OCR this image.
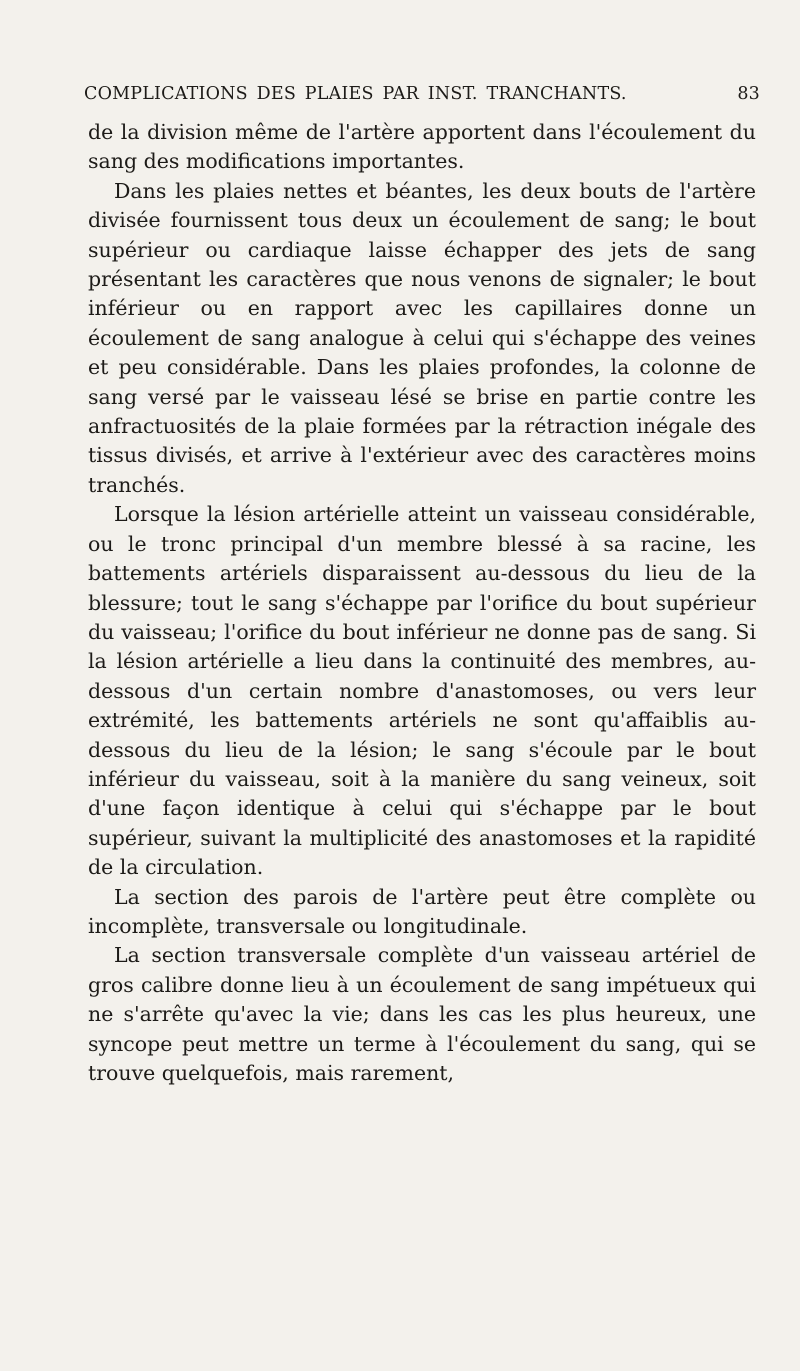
COMPLICATIONS DES PLAIES PAR INST. TRANCHANTS.	83

de la division même de l'artère apportent dans l'écoulement du sang des modifications importantes.

Dans les plaies nettes et béantes, les deux bouts de l'artère divisée fournissent tous deux un écoulement de sang; le bout supérieur ou cardiaque laisse échapper des jets de sang présentant les caractères que nous venons de signaler; le bout inférieur ou en rapport avec les capillaires donne un écoulement de sang analogue à celui qui s'échappe des veines et peu considérable. Dans les plaies profondes, la colonne de sang versé par le vaisseau lésé se brise en partie contre les anfractuosités de la plaie formées par la rétraction inégale des tissus divisés, et arrive à l'extérieur avec des caractères moins tranchés.

Lorsque la lésion artérielle atteint un vaisseau considérable, ou le tronc principal d'un membre blessé à sa racine, les battements artériels disparaissent au-dessous du lieu de la blessure; tout le sang s'échappe par l'orifice du bout supérieur du vaisseau; l'orifice du bout inférieur ne donne pas de sang. Si la lésion artérielle a lieu dans la continuité des membres, au-dessous d'un certain nombre d'anastomoses, ou vers leur extrémité, les battements artériels ne sont qu'affaiblis au-dessous du lieu de la lésion; le sang s'écoule par le bout inférieur du vaisseau, soit à la manière du sang veineux, soit d'une façon identique à celui qui s'échappe par le bout supérieur, suivant la multiplicité des anastomoses et la rapidité de la circulation.

La section des parois de l'artère peut être complète ou incomplète, transversale ou longitudinale.

La section transversale complète d'un vaisseau artériel de gros calibre donne lieu à un écoulement de sang impétueux qui ne s'arrête qu'avec la vie; dans les cas les plus heureux, une syncope peut mettre un terme à l'écoulement du sang, qui se trouve quelquefois, mais rarement,
